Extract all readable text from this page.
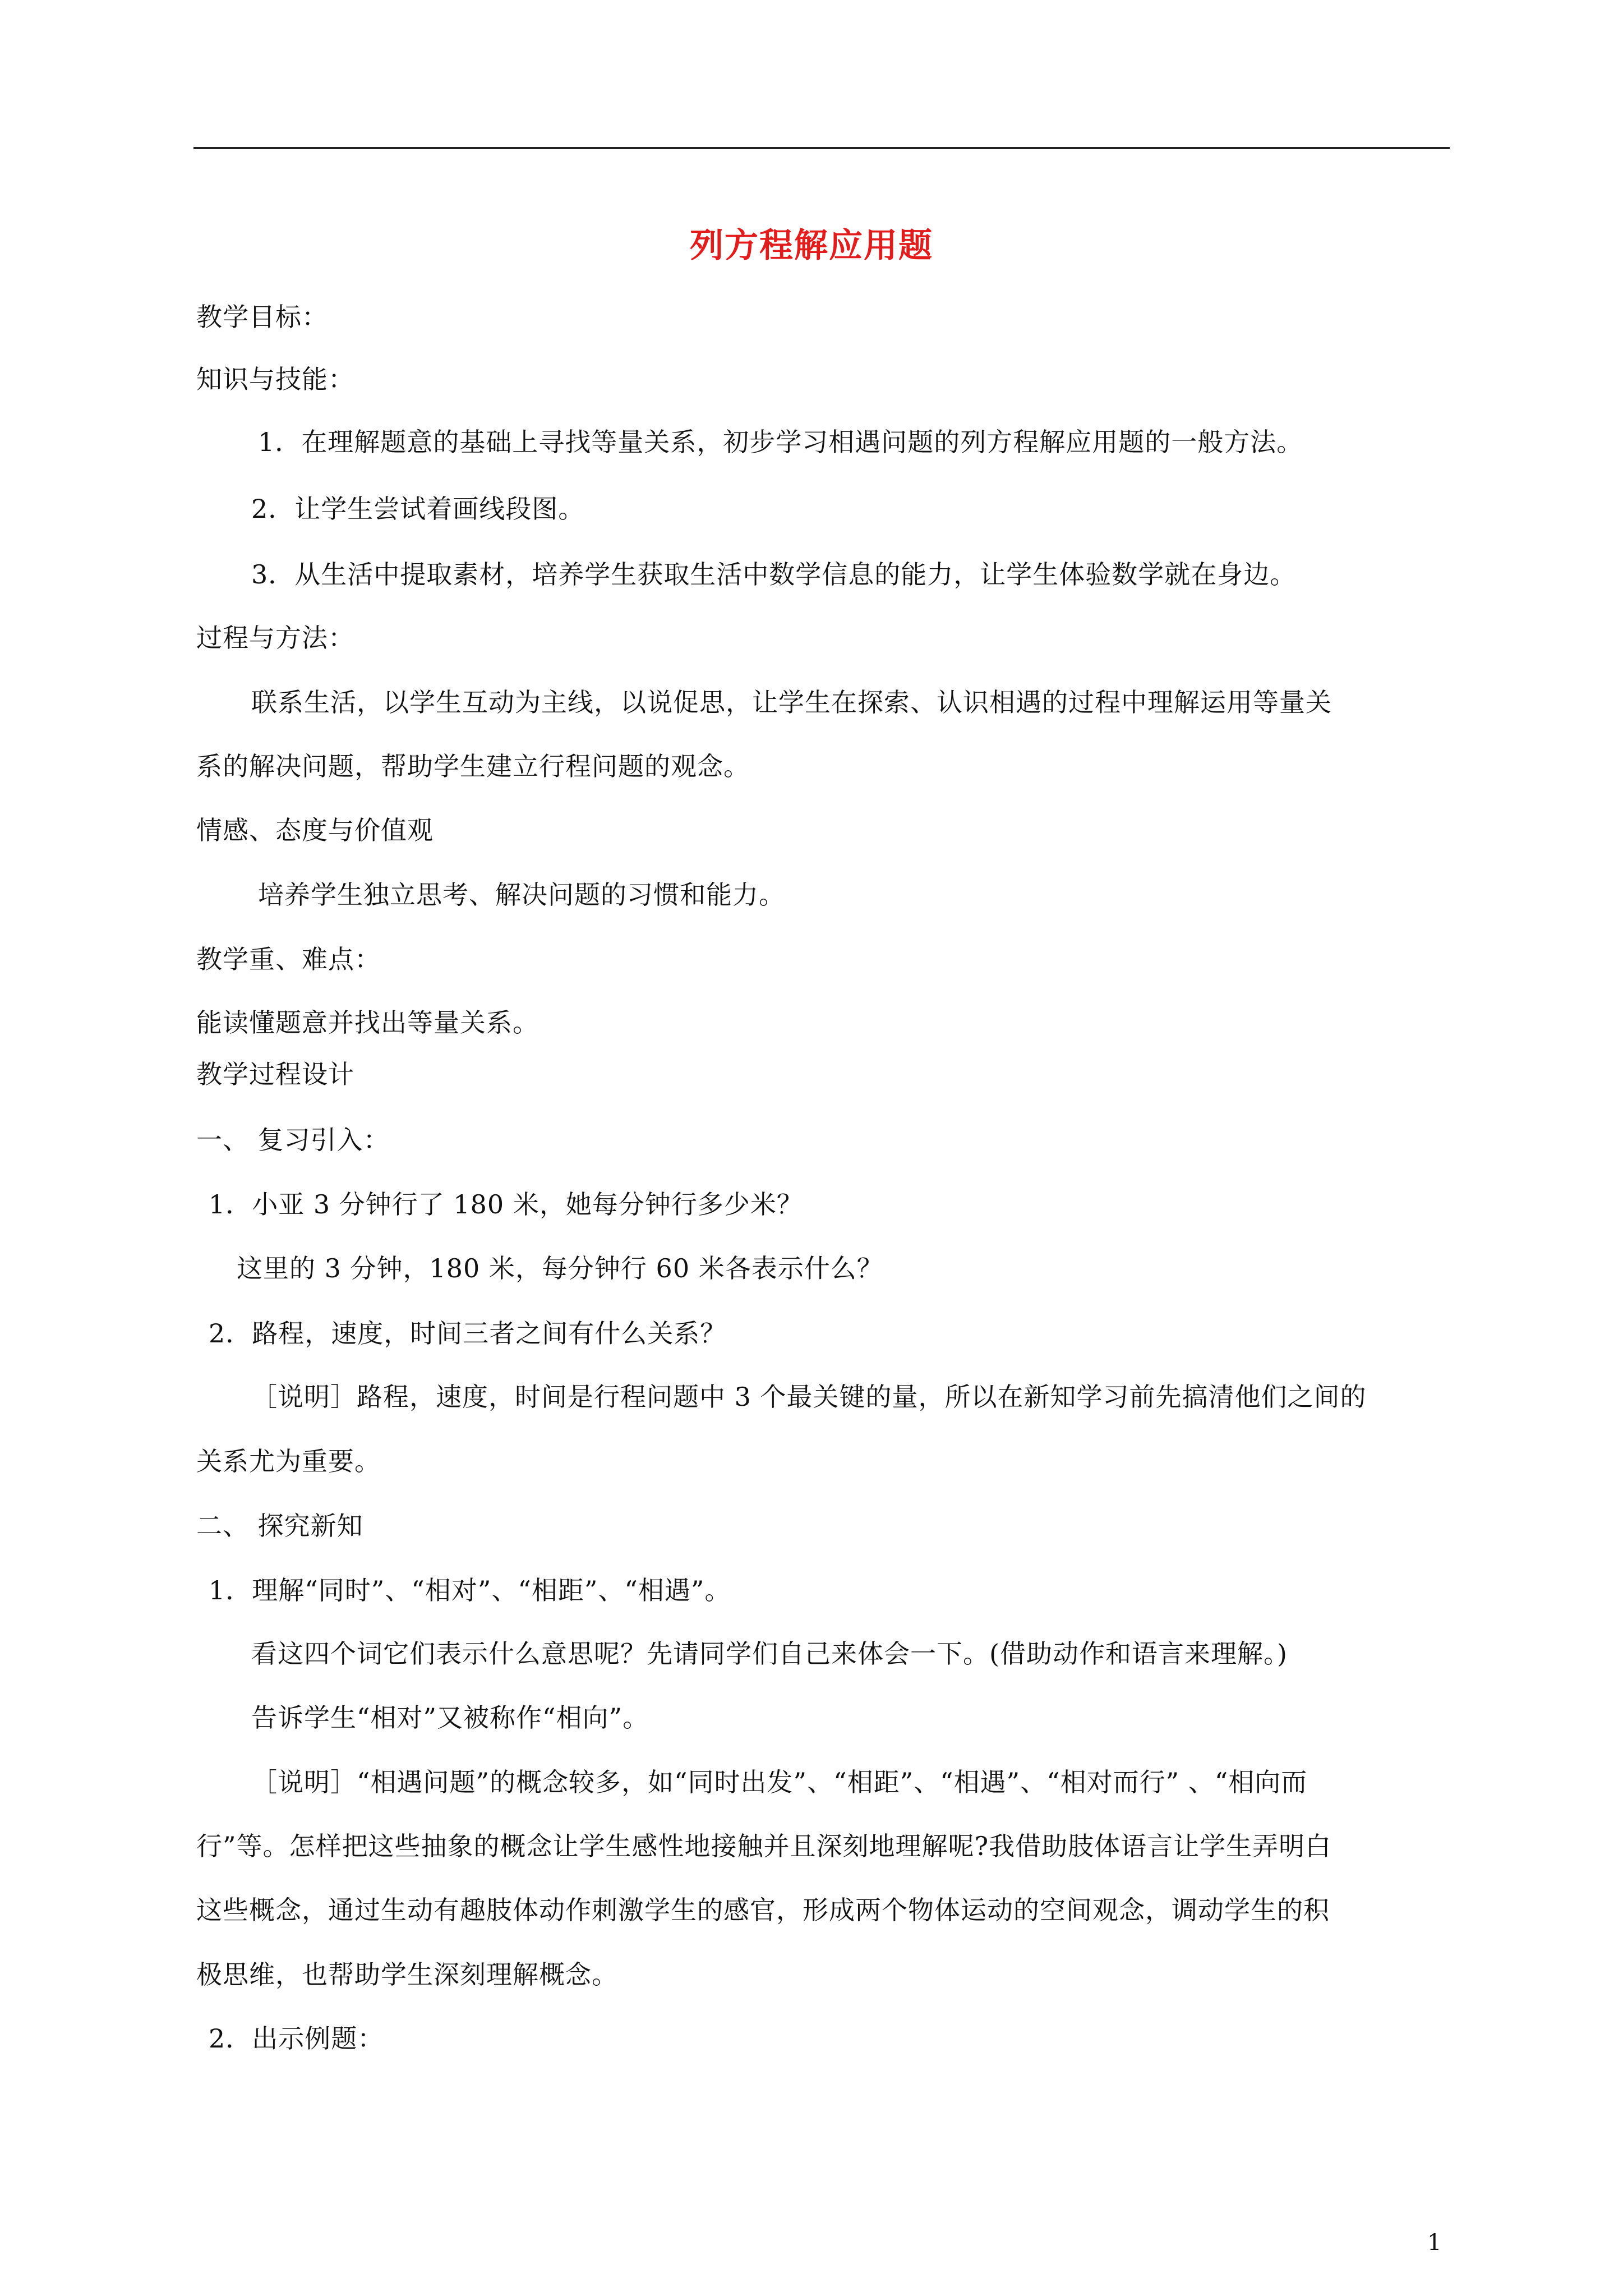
列方程解应用题
教学目标：
知识与技能：
1．在理解题意的基础上寻找等量关系，初步学习相遇问题的列方程解应用题的一般方法。
2．让学生尝试着画线段图。
3．从生活中提取素材，培养学生获取生活中数学信息的能力，让学生体验数学就在身边。
过程与方法：
联系生活，以学生互动为主线，以说促思，让学生在探索、认识相遇的过程中理解运用等量关
系的解决问题，帮助学生建立行程问题的观念。
情感、态度与价值观
培养学生独立思考、解决问题的习惯和能力。
教学重、难点：
能读懂题意并找出等量关系。
教学过程设计
一、 复习引入：
1．小亚 3 分钟行了 180 米，她每分钟行多少米？
这里的 3 分钟，180 米，每分钟行 60 米各表示什么？
2．路程，速度，时间三者之间有什么关系？
［说明］路程，速度，时间是行程问题中 3 个最关键的量，所以在新知学习前先搞清他们之间的
关系尤为重要。
二、 探究新知
1．理解“同时”、“相对”、“相距”、“相遇”。
看这四个词它们表示什么意思呢？先请同学们自己来体会一下。(借助动作和语言来理解。)
告诉学生“相对”又被称作“相向”。
［说明］“相遇问题”的概念较多，如“同时出发”、“相距”、“相遇”、“相对而行” 、“相向而
行”等。怎样把这些抽象的概念让学生感性地接触并且深刻地理解呢?我借助肢体语言让学生弄明白
这些概念，通过生动有趣肢体动作刺激学生的感官，形成两个物体运动的空间观念，调动学生的积
极思维，也帮助学生深刻理解概念。
2．出示例题：
1
